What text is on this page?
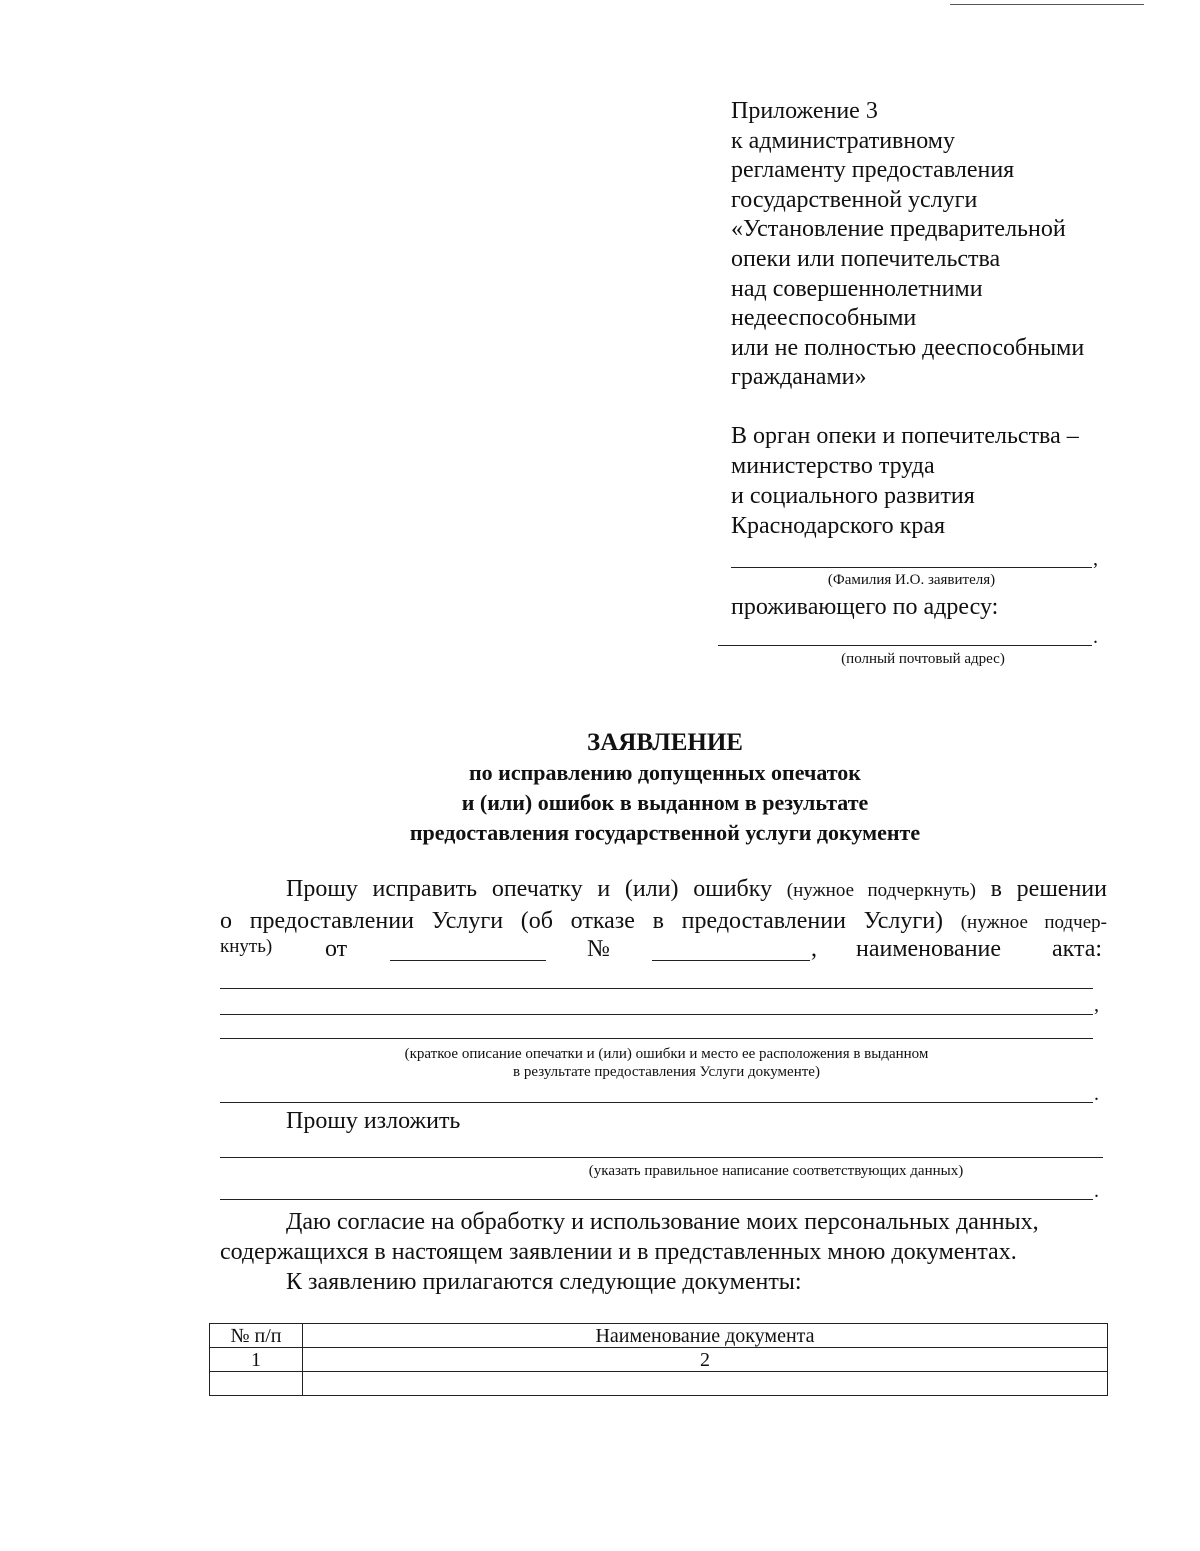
Приложение 3
к административному
регламенту предоставления
государственной услуги
«Установление предварительной
опеки или попечительства
над совершеннолетними
недееспособными
или не полностью дееспособными
гражданами»
В орган опеки и попечительства –
министерство труда
и социального развития
Краснодарского края
,
(Фамилия И.О. заявителя)
проживающего по адресу:
.
(полный почтовый адрес)
ЗАЯВЛЕНИЕ
по исправлению допущенных опечаток
и (или) ошибок в выданном в результате
предоставления государственной услуги документе
Прошу исправить опечатку и (или) ошибку (нужное подчеркнуть) в решении
о предоставлении Услуги (об отказе в предоставлении Услуги) (нужное подчер-
кнуть) от	№	, наименование акта:
,
(краткое описание опечатки и (или) ошибки и место ее расположения в выданном
в результате предоставления Услуги документе)
.
Прошу изложить
(указать правильное написание соответствующих данных)
.
Даю согласие на обработку и использование моих персональных данных,
содержащихся в настоящем заявлении и в представленных мною документах.
К заявлению прилагаются следующие документы:
№ п/п	Наименование документа
1	2
